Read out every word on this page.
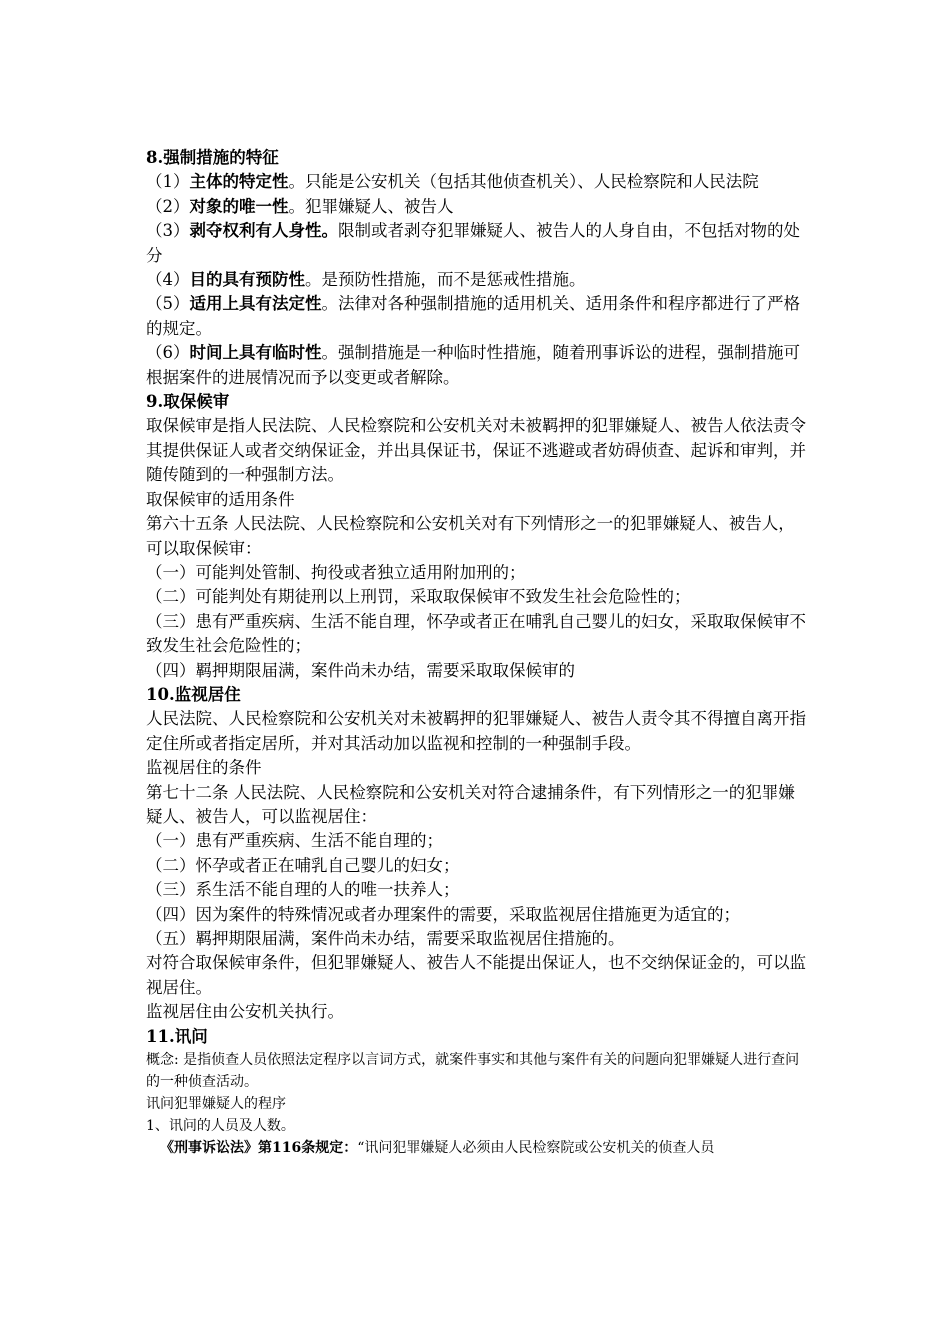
8.强制措施的特征

（1）主体的特定性。只能是公安机关（包括其他侦查机关）、人民检察院和人民法院

（2）对象的唯一性。犯罪嫌疑人、被告人

（3）剥夺权利有人身性。限制或者剥夺犯罪嫌疑人、被告人的人身自由，不包括对物的处分

（4）目的具有预防性。是预防性措施，而不是惩戒性措施。

（5）适用上具有法定性。法律对各种强制措施的适用机关、适用条件和程序都进行了严格的规定。

（6）时间上具有临时性。强制措施是一种临时性措施，随着刑事诉讼的进程，强制措施可根据案件的进展情况而予以变更或者解除。

9.取保候审

取保候审是指人民法院、人民检察院和公安机关对未被羁押的犯罪嫌疑人、被告人依法责令其提供保证人或者交纳保证金，并出具保证书，保证不逃避或者妨碍侦查、起诉和审判，并随传随到的一种强制方法。

取保候审的适用条件

第六十五条 人民法院、人民检察院和公安机关对有下列情形之一的犯罪嫌疑人、被告人，可以取保候审：

（一）可能判处管制、拘役或者独立适用附加刑的；

（二）可能判处有期徒刑以上刑罚，采取取保候审不致发生社会危险性的；

（三）患有严重疾病、生活不能自理，怀孕或者正在哺乳自己婴儿的妇女，采取取保候审不致发生社会危险性的；

（四）羁押期限届满，案件尚未办结，需要采取取保候审的

10.监视居住

人民法院、人民检察院和公安机关对未被羁押的犯罪嫌疑人、被告人责令其不得擅自离开指定住所或者指定居所，并对其活动加以监视和控制的一种强制手段。

监视居住的条件

第七十二条 人民法院、人民检察院和公安机关对符合逮捕条件，有下列情形之一的犯罪嫌疑人、被告人，可以监视居住：

（一）患有严重疾病、生活不能自理的；

（二）怀孕或者正在哺乳自己婴儿的妇女；

（三）系生活不能自理的人的唯一扶养人；

（四）因为案件的特殊情况或者办理案件的需要，采取监视居住措施更为适宜的；

（五）羁押期限届满，案件尚未办结，需要采取监视居住措施的。

对符合取保候审条件，但犯罪嫌疑人、被告人不能提出保证人，也不交纳保证金的，可以监视居住。

监视居住由公安机关执行。

11.讯问

概念: 是指侦查人员依照法定程序以言词方式，就案件事实和其他与案件有关的问题向犯罪嫌疑人进行查问的一种侦查活动。

讯问犯罪嫌疑人的程序

1、讯问的人员及人数。

《刑事诉讼法》第116条规定：“讯问犯罪嫌疑人必须由人民检察院或公安机关的侦查人员
